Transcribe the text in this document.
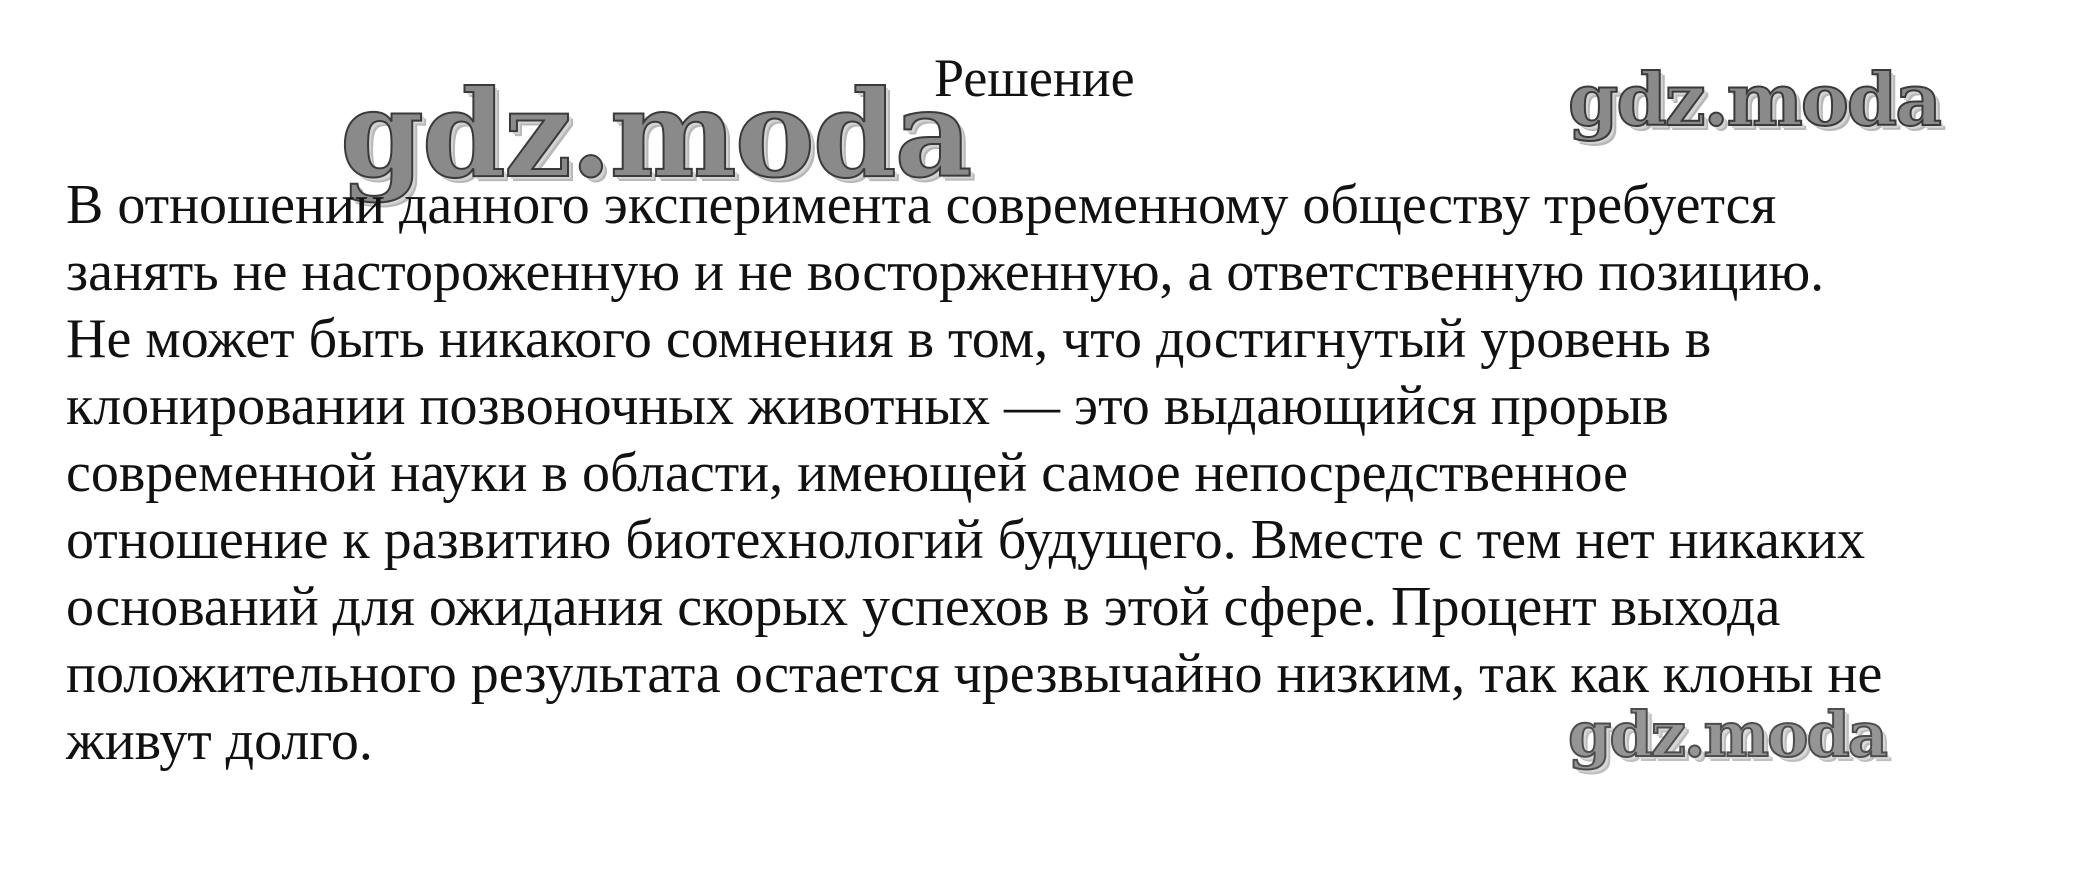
gdz.moda	gdz.moda
Решение

В отношении данного эксперимента современному обществу требуется
занять не настороженную и не восторженную, а ответственную позицию.
Не может быть никакого сомнения в том, что достигнутый уровень в
клонировании позвоночных животных — это выдающийся прорыв
современной науки в области, имеющей самое непосредственное
отношение к развитию биотехнологий будущего. Вместе с тем нет никаких
оснований для ожидания скорых успехов в этой сфере. Процент выхода
положительного результата остается чрезвычайно низким, так как клоны не
живут долго.	gdz.moda
